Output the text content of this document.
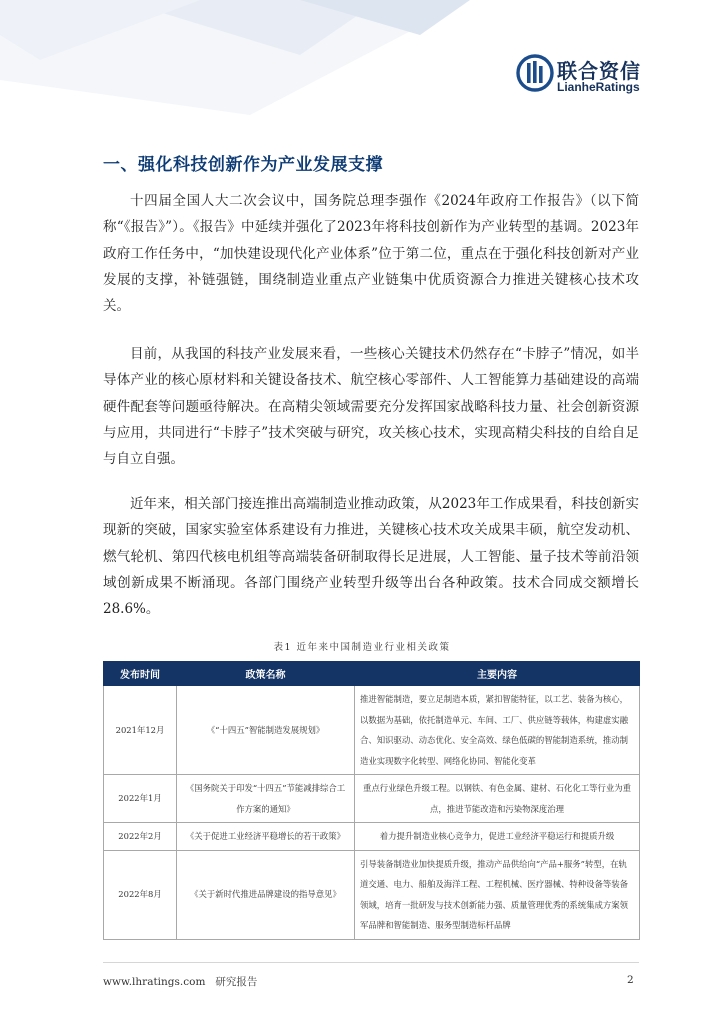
联合资信
LianheRatings
一、强化科技创新作为产业发展支撑

十四届全国人大二次会议中，国务院总理李强作《2024年政府工作报告》（以下简称“《报告》”）。《报告》中延续并强化了2023年将科技创新作为产业转型的基调。2023年政府工作任务中，“加快建设现代化产业体系”位于第二位，重点在于强化科技创新对产业发展的支撑，补链强链，围绕制造业重点产业链集中优质资源合力推进关键核心技术攻关。

目前，从我国的科技产业发展来看，一些核心关键技术仍然存在“卡脖子”情况，如半导体产业的核心原材料和关键设备技术、航空核心零部件、人工智能算力基础建设的高端硬件配套等问题亟待解决。在高精尖领域需要充分发挥国家战略科技力量、社会创新资源与应用，共同进行“卡脖子”技术突破与研究，攻关核心技术，实现高精尖科技的自给自足与自立自强。

近年来，相关部门接连推出高端制造业推动政策，从2023年工作成果看，科技创新实现新的突破，国家实验室体系建设有力推进，关键核心技术攻关成果丰硕，航空发动机、燃气轮机、第四代核电机组等高端装备研制取得长足进展，人工智能、量子技术等前沿领域创新成果不断涌现。各部门围绕产业转型升级等出台各种政策。技术合同成交额增长28.6%。

表1 近年来中国制造业行业相关政策
发布时间	政策名称	主要内容
2021年12月	《“十四五”智能制造发展规划》	推进智能制造，要立足制造本质，紧扣智能特征，以工艺、装备为核心，以数据为基础，依托制造单元、车间、工厂、供应链等载体，构建虚实融合、知识驱动、动态优化、安全高效、绿色低碳的智能制造系统，推动制造业实现数字化转型、网络化协同、智能化变革
2022年1月	《国务院关于印发“十四五”节能减排综合工作方案的通知》	重点行业绿色升级工程。以钢铁、有色金属、建材、石化化工等行业为重点，推进节能改造和污染物深度治理
2022年2月	《关于促进工业经济平稳增长的若干政策》	着力提升制造业核心竞争力，促进工业经济平稳运行和提质升级
2022年8月	《关于新时代推进品牌建设的指导意见》	引导装备制造业加快提质升级，推动产品供给向“产品+服务”转型，在轨道交通、电力、船舶及海洋工程、工程机械、医疗器械、特种设备等装备领域，培育一批研发与技术创新能力强、质量管理优秀的系统集成方案领军品牌和智能制造、服务型制造标杆品牌
www.lhratings.com 研究报告	2
